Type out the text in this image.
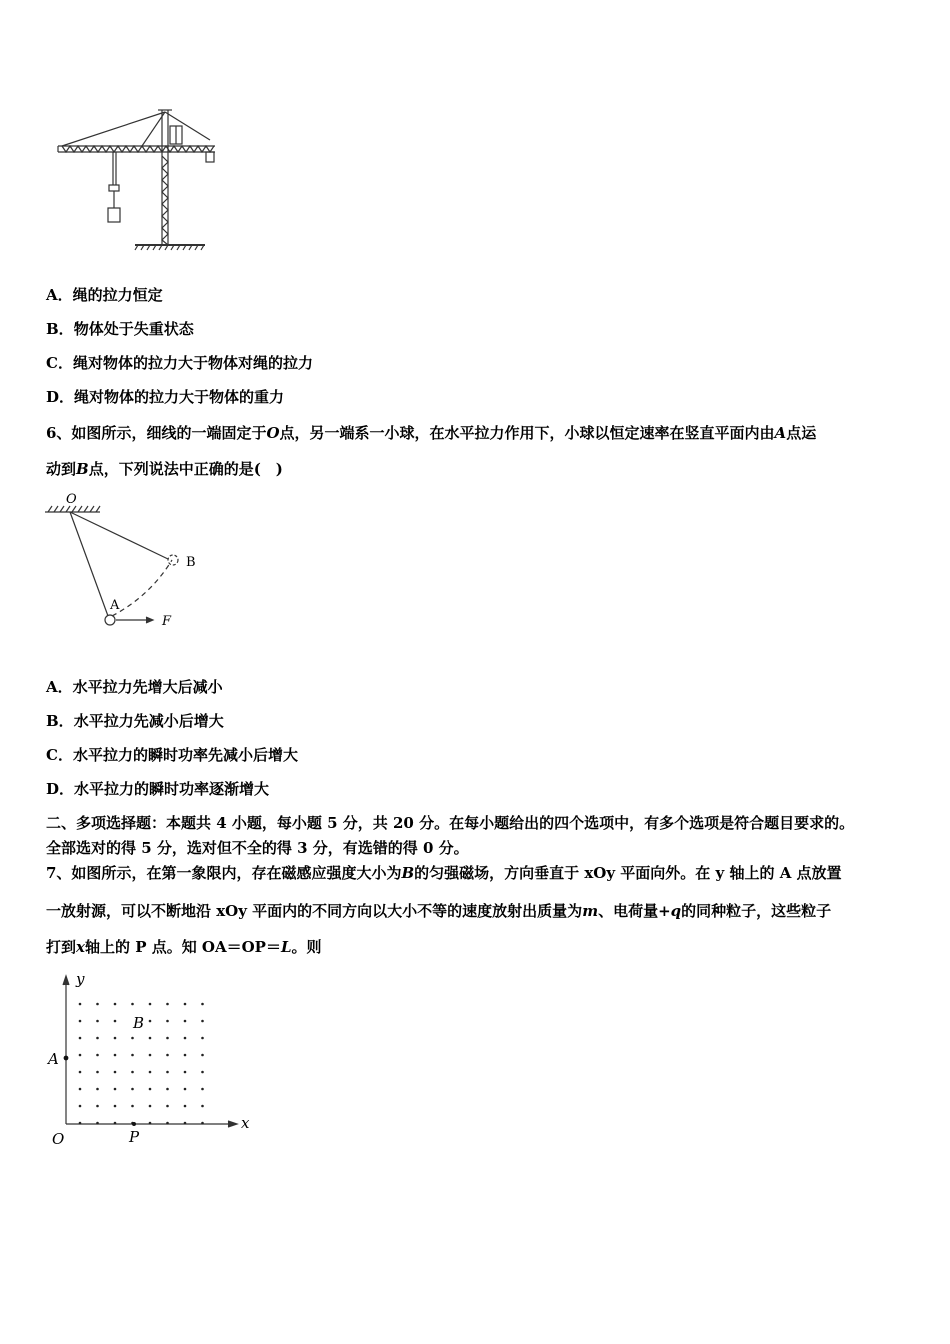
A．绳的拉力恒定
B．物体处于失重状态
C．绳对物体的拉力大于物体对绳的拉力
D．绳对物体的拉力大于物体的重力
6、如图所示，细线的一端固定于O点，另一端系一小球，在水平拉力作用下，小球以恒定速率在竖直平面内由A点运
动到B点，下列说法中正确的是(　)
O
B
A
F
A．水平拉力先增大后减小
B．水平拉力先减小后增大
C．水平拉力的瞬时功率先减小后增大
D．水平拉力的瞬时功率逐渐增大
二、多项选择题：本题共 4 小题，每小题 5 分，共 20 分。在每小题给出的四个选项中，有多个选项是符合题目要求的。
全部选对的得 5 分，选对但不全的得 3 分，有选错的得 0 分。
7、如图所示，在第一象限内，存在磁感应强度大小为B的匀强磁场，方向垂直于 xOy 平面向外。在 y 轴上的 A 点放置
一放射源，可以不断地沿 xOy 平面内的不同方向以大小不等的速度放射出质量为m、电荷量+q的同种粒子，这些粒子
打到x轴上的 P 点。知 OA＝OP＝L。则
y
x
O
A
B
P
